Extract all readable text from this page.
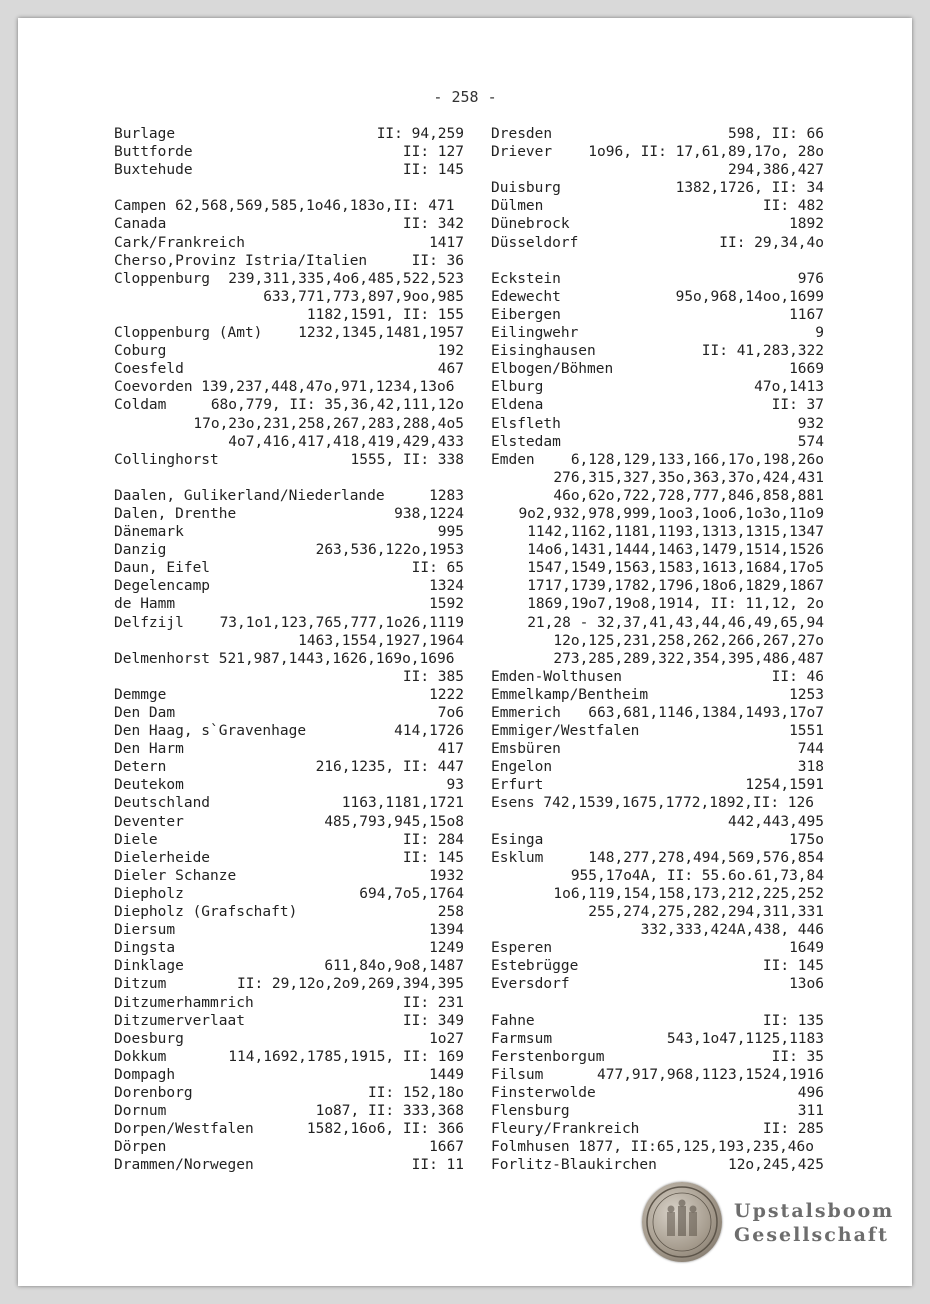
- 258 -
Burlage	II: 94,259
Buttforde	II: 127
Buxtehude	II: 145
Campen 62,568,569,585,1o46,183o,II: 471
Canada	II: 342
Cark/Frankreich	1417
Cherso,Provinz Istria/Italien	II: 36
Cloppenburg 239,311,335,4o6,485,522,523
633,771,773,897,9oo,985
1182,1591, II: 155
Cloppenburg (Amt) 1232,1345,1481,1957
Coburg	192
Coesfeld	467
Coevorden 139,237,448,47o,971,1234,13o6
Coldam	68o,779, II: 35,36,42,111,12o
17o,23o,231,258,267,283,288,4o5
4o7,416,417,418,419,429,433
Collinghorst	1555, II: 338
Daalen, Gulikerland/Niederlande	1283
Dalen, Drenthe	938,1224
Dänemark	995
Danzig	263,536,122o,1953
Daun, Eifel	II: 65
Degelencamp	1324
de Hamm	1592
Delfzijl 73,1o1,123,765,777,1o26,1119
1463,1554,1927,1964
Delmenhorst 521,987,1443,1626,169o,1696
II: 385
Demmge	1222
Den Dam	7o6
Den Haag, s`Gravenhage	414,1726
Den Harm	417
Detern	216,1235, II: 447
Deutekom	93
Deutschland	1163,1181,1721
Deventer	485,793,945,15o8
Diele	II: 284
Dielerheide	II: 145
Dieler Schanze	1932
Diepholz	694,7o5,1764
Diepholz (Grafschaft)	258
Diersum	1394
Dingsta	1249
Dinklage	611,84o,9o8,1487
Ditzum	II: 29,12o,2o9,269,394,395
Ditzumerhammrich	II: 231
Ditzumerverlaat	II: 349
Doesburg	1o27
Dokkum	114,1692,1785,1915, II: 169
Dompagh	1449
Dorenborg	II: 152,18o
Dornum	1o87, II: 333,368
Dorpen/Westfalen	1582,16o6, II: 366
Dörpen	1667
Drammen/Norwegen	II: 11
Dresden	598, II: 66
Driever 1o96, II: 17,61,89,17o, 28o
294,386,427
Duisburg	1382,1726, II: 34
Dülmen	II: 482
Dünebrock	1892
Düsseldorf	II: 29,34,4o
Eckstein	976
Edewecht	95o,968,14oo,1699
Eibergen	1167
Eilingwehr	9
Eisinghausen	II: 41,283,322
Elbogen/Böhmen	1669
Elburg	47o,1413
Eldena	II: 37
Elsfleth	932
Elstedam	574
Emden 6,128,129,133,166,17o,198,26o
276,315,327,35o,363,37o,424,431
46o,62o,722,728,777,846,858,881
9o2,932,978,999,1oo3,1oo6,1o3o,11o9
1142,1162,1181,1193,1313,1315,1347
14o6,1431,1444,1463,1479,1514,1526
1547,1549,1563,1583,1613,1684,17o5
1717,1739,1782,1796,18o6,1829,1867
1869,19o7,19o8,1914, II: 11,12, 2o
21,28 - 32,37,41,43,44,46,49,65,94
12o,125,231,258,262,266,267,27o
273,285,289,322,354,395,486,487
Emden-Wolthusen	II: 46
Emmelkamp/Bentheim	1253
Emmerich 663,681,1146,1384,1493,17o7
Emmiger/Westfalen	1551
Emsbüren	744
Engelon	318
Erfurt	1254,1591
Esens 742,1539,1675,1772,1892,II: 126
442,443,495
Esinga	175o
Esklum	148,277,278,494,569,576,854
955,17o4A, II: 55.6o.61,73,84
1o6,119,154,158,173,212,225,252
255,274,275,282,294,311,331
332,333,424A,438, 446
Esperen	1649
Estebrügge	II: 145
Eversdorf	13o6
Fahne	II: 135
Farmsum	543,1o47,1125,1183
Ferstenborgum	II: 35
Filsum	477,917,968,1123,1524,1916
Finsterwolde	496
Flensburg	311
Fleury/Frankreich	II: 285
Folmhusen 1877, II:65,125,193,235,46o
Forlitz-Blaukirchen	12o,245,425
Upstalsboom
Gesellschaft
